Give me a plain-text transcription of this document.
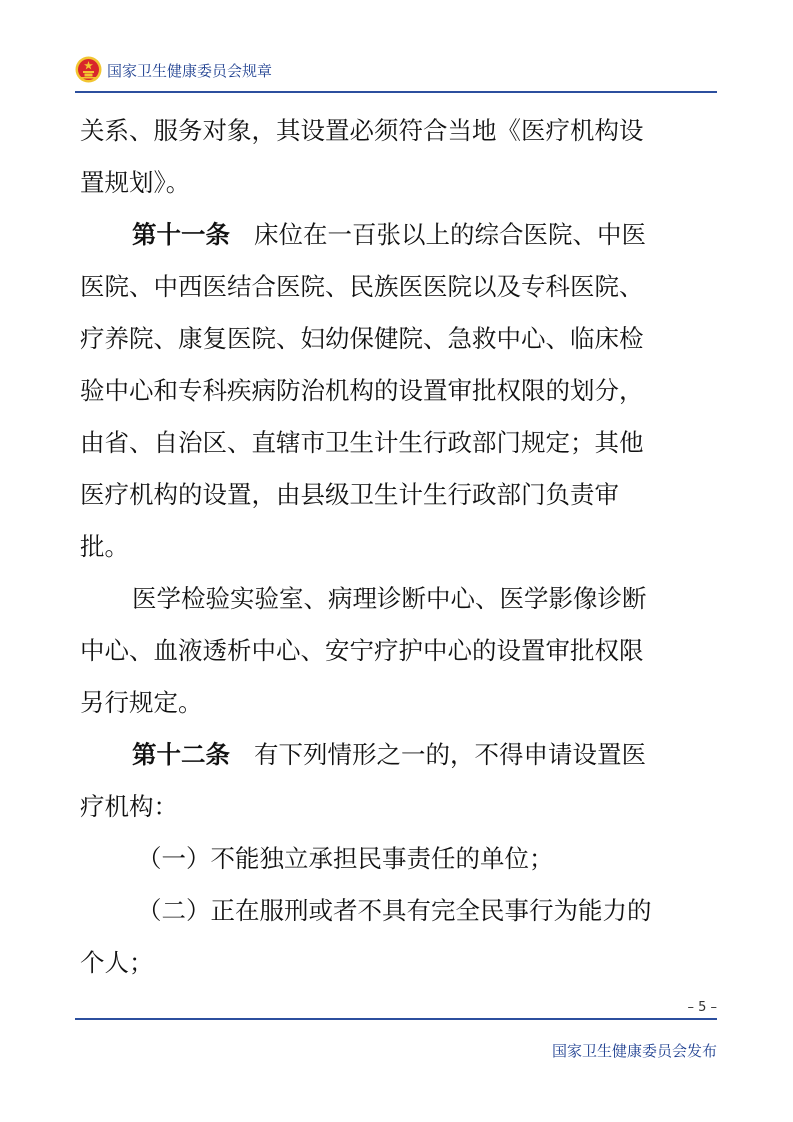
国家卫生健康委员会规章
关系、服务对象，其设置必须符合当地《医疗机构设
置规划》。
第十一条 床位在一百张以上的综合医院、中医
医院、中西医结合医院、民族医医院以及专科医院、
疗养院、康复医院、妇幼保健院、急救中心、临床检
验中心和专科疾病防治机构的设置审批权限的划分，
由省、自治区、直辖市卫生计生行政部门规定；其他
医疗机构的设置，由县级卫生计生行政部门负责审
批。
医学检验实验室、病理诊断中心、医学影像诊断
中心、血液透析中心、安宁疗护中心的设置审批权限
另行规定。
第十二条 有下列情形之一的，不得申请设置医
疗机构：
（一）不能独立承担民事责任的单位；
（二）正在服刑或者不具有完全民事行为能力的
个人；
– 5 –
国家卫生健康委员会发布
